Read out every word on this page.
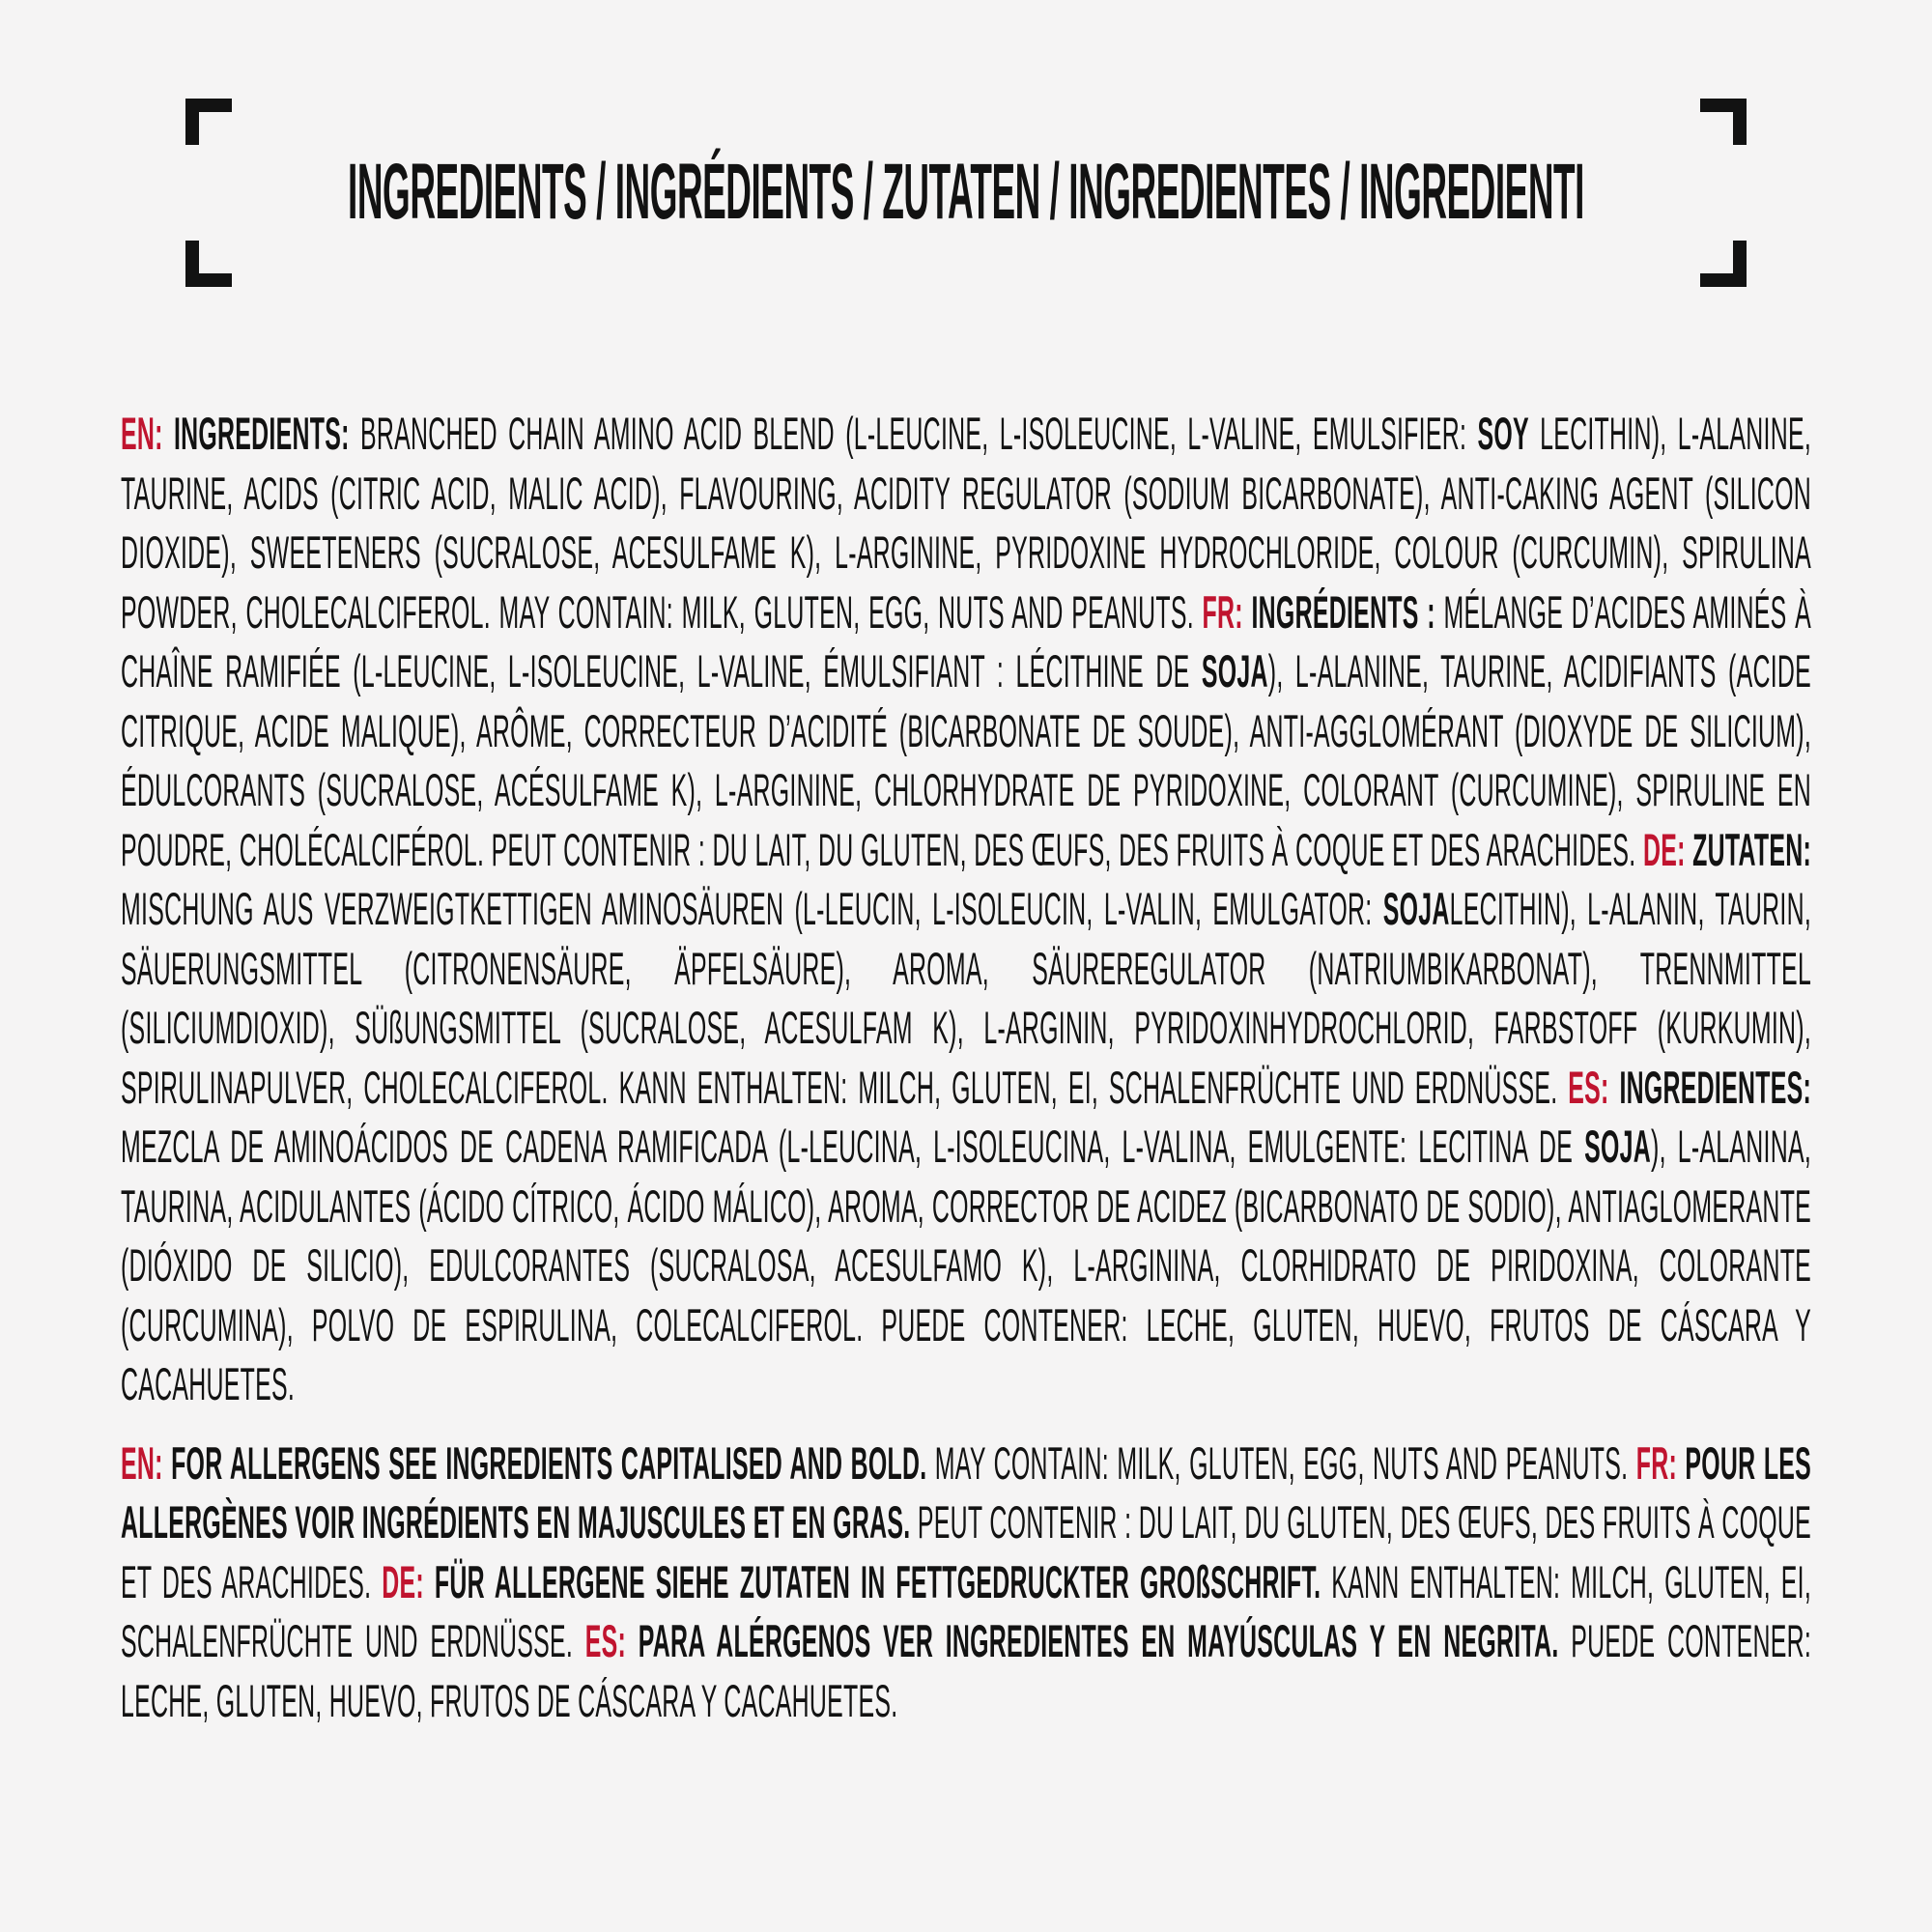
INGREDIENTS / INGRÉDIENTS / ZUTATEN / INGREDIENTES / INGREDIENTI

EN: INGREDIENTS: BRANCHED CHAIN AMINO ACID BLEND (L-LEUCINE, L-ISOLEUCINE, L-VALINE, EMULSIFIER: SOY LECITHIN), L-ALANINE, TAURINE, ACIDS (CITRIC ACID, MALIC ACID), FLAVOURING, ACIDITY REGULATOR (SODIUM BICARBONATE), ANTI-CAKING AGENT (SILICON DIOXIDE), SWEETENERS (SUCRALOSE, ACESULFAME K), L-ARGININE, PYRIDOXINE HYDROCHLORIDE, COLOUR (CURCUMIN), SPIRULINA POWDER, CHOLECALCIFEROL. MAY CONTAIN: MILK, GLUTEN, EGG, NUTS AND PEANUTS. FR: INGRÉDIENTS : MÉLANGE D’ACIDES AMINÉS À CHAÎNE RAMIFIÉE (L-LEUCINE, L-ISOLEUCINE, L-VALINE, ÉMULSIFIANT : LÉCITHINE DE SOJA), L-ALANINE, TAURINE, ACIDIFIANTS (ACIDE CITRIQUE, ACIDE MALIQUE), ARÔME, CORRECTEUR D’ACIDITÉ (BICARBONATE DE SOUDE), ANTI-AGGLOMÉRANT (DIOXYDE DE SILICIUM), ÉDULCORANTS (SUCRALOSE, ACÉSULFAME K), L-ARGININE, CHLORHYDRATE DE PYRIDOXINE, COLORANT (CURCUMINE), SPIRULINE EN POUDRE, CHOLÉCALCIFÉROL. PEUT CONTENIR : DU LAIT, DU GLUTEN, DES ŒUFS, DES FRUITS À COQUE ET DES ARACHIDES. DE: ZUTATEN: MISCHUNG AUS VERZWEIGTKETTIGEN AMINOSÄUREN (L-LEUCIN, L-ISOLEUCIN, L-VALIN, EMULGATOR: SOJALECITHIN), L-ALANIN, TAURIN, SÄUERUNGSMITTEL (CITRONENSÄURE, ÄPFELSÄURE), AROMA, SÄUREREGULATOR (NATRIUMBIKARBONAT), TRENNMITTEL (SILICIUMDIOXID), SÜßUNGSMITTEL (SUCRALOSE, ACESULFAM K), L-ARGININ, PYRIDOXINHYDROCHLORID, FARBSTOFF (KURKUMIN), SPIRULINAPULVER, CHOLECALCIFEROL. KANN ENTHALTEN: MILCH, GLUTEN, EI, SCHALENFRÜCHTE UND ERDNÜSSE. ES: INGREDIENTES: MEZCLA DE AMINOÁCIDOS DE CADENA RAMIFICADA (L-LEUCINA, L-ISOLEUCINA, L-VALINA, EMULGENTE: LECITINA DE SOJA), L-ALANINA, TAURINA, ACIDULANTES (ÁCIDO CÍTRICO, ÁCIDO MÁLICO), AROMA, CORRECTOR DE ACIDEZ (BICARBONATO DE SODIO), ANTIAGLOMERANTE (DIÓXIDO DE SILICIO), EDULCORANTES (SUCRALOSA, ACESULFAMO K), L-ARGININA, CLORHIDRATO DE PIRIDOXINA, COLORANTE (CURCUMINA), POLVO DE ESPIRULINA, COLECALCIFEROL. PUEDE CONTENER: LECHE, GLUTEN, HUEVO, FRUTOS DE CÁSCARA Y CACAHUETES.

EN: FOR ALLERGENS SEE INGREDIENTS CAPITALISED AND BOLD. MAY CONTAIN: MILK, GLUTEN, EGG, NUTS AND PEANUTS. FR: POUR LES ALLERGÈNES VOIR INGRÉDIENTS EN MAJUSCULES ET EN GRAS. PEUT CONTENIR : DU LAIT, DU GLUTEN, DES ŒUFS, DES FRUITS À COQUE ET DES ARACHIDES. DE: FÜR ALLERGENE SIEHE ZUTATEN IN FETTGEDRUCKTER GROßSCHRIFT. KANN ENTHALTEN: MILCH, GLUTEN, EI, SCHALENFRÜCHTE UND ERDNÜSSE. ES: PARA ALÉRGENOS VER INGREDIENTES EN MAYÚSCULAS Y EN NEGRITA. PUEDE CONTENER: LECHE, GLUTEN, HUEVO, FRUTOS DE CÁSCARA Y CACAHUETES.
